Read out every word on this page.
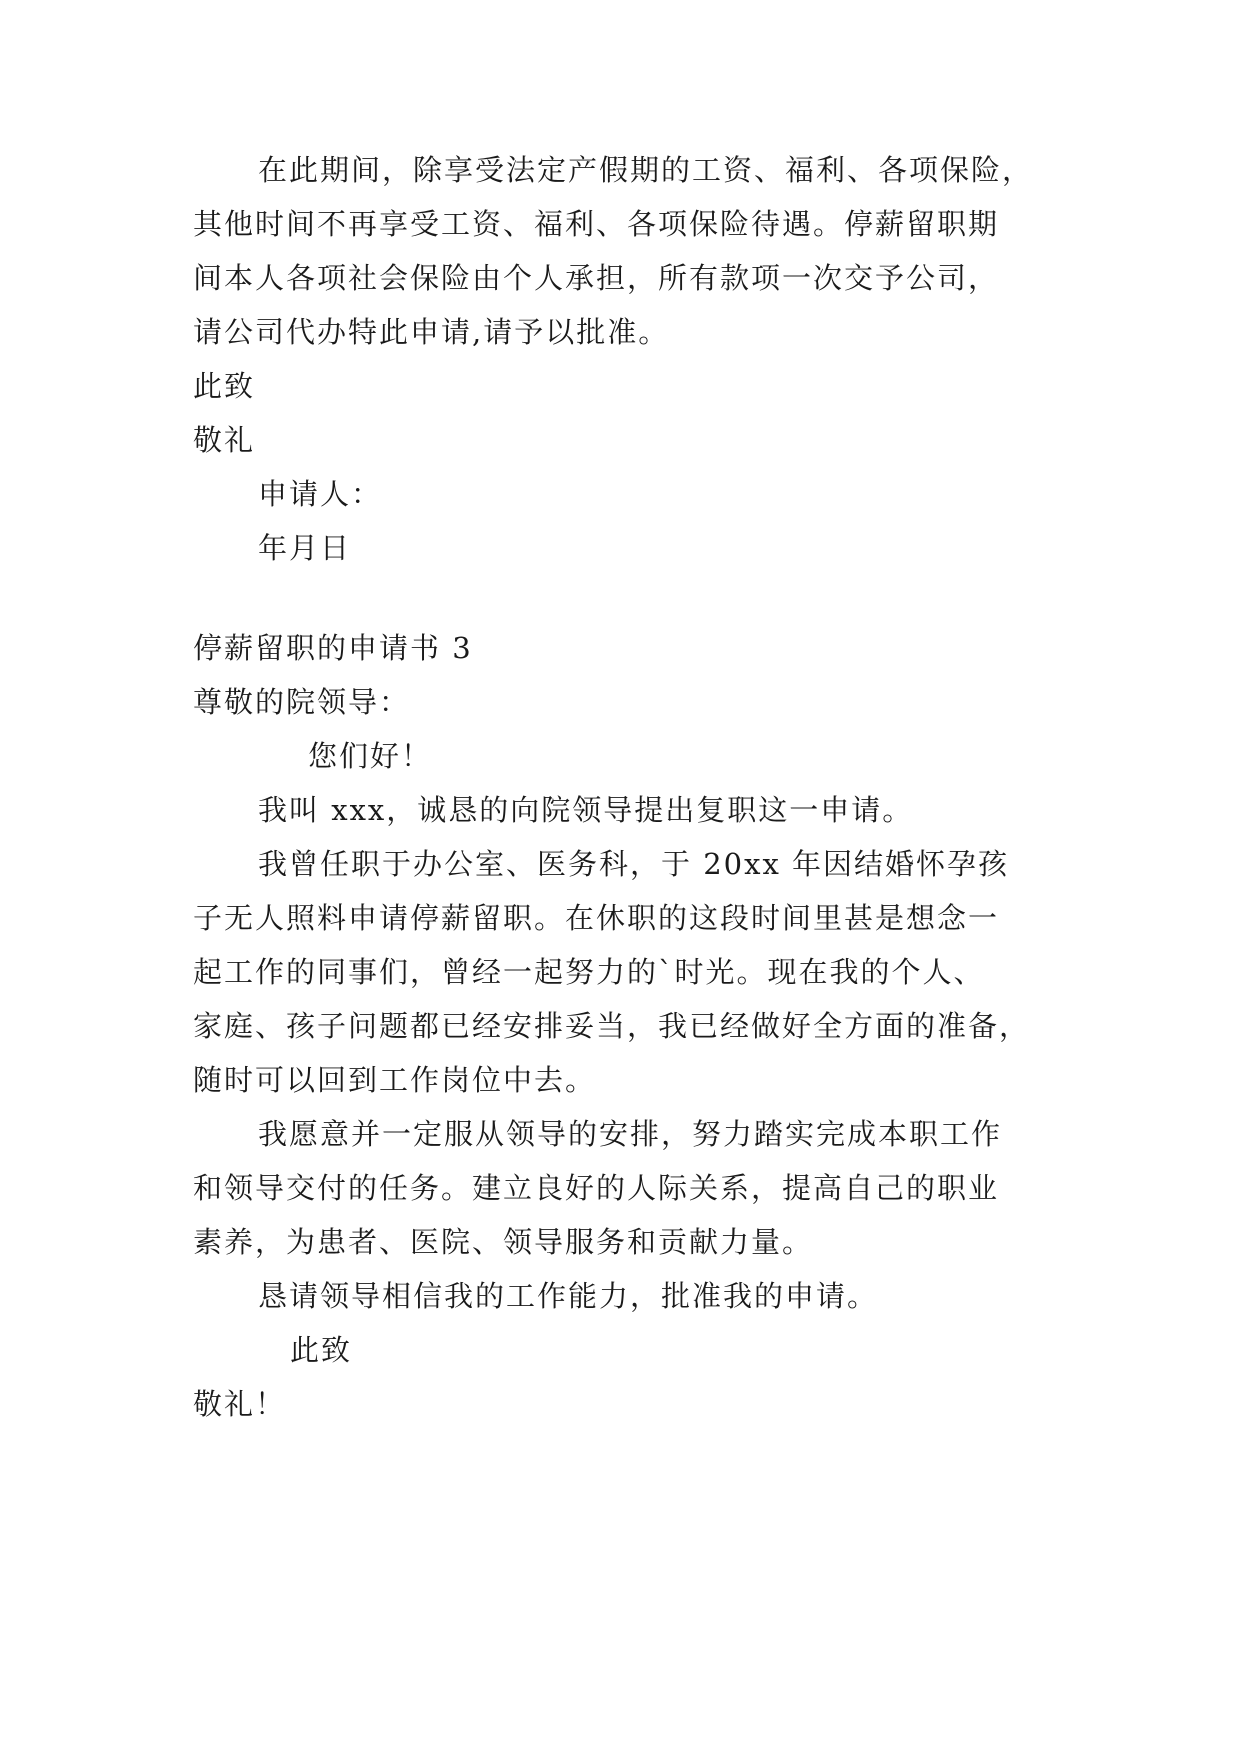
在此期间，除享受法定产假期的工资、福利、各项保险，
其他时间不再享受工资、福利、各项保险待遇。停薪留职期
间本人各项社会保险由个人承担，所有款项一次交予公司，
请公司代办特此申请,请予以批准。
此致
敬礼
申请人：
年月日
停薪留职的申请书 3
尊敬的院领导：
您们好！
我叫 xxx，诚恳的向院领导提出复职这一申请。
我曾任职于办公室、医务科，于 20xx 年因结婚怀孕孩
子无人照料申请停薪留职。在休职的这段时间里甚是想念一
起工作的同事们，曾经一起努力的`时光。现在我的个人、
家庭、孩子问题都已经安排妥当，我已经做好全方面的准备，
随时可以回到工作岗位中去。
我愿意并一定服从领导的安排，努力踏实完成本职工作
和领导交付的任务。建立良好的人际关系，提高自己的职业
素养，为患者、医院、领导服务和贡献力量。
恳请领导相信我的工作能力，批准我的申请。
此致
敬礼！
